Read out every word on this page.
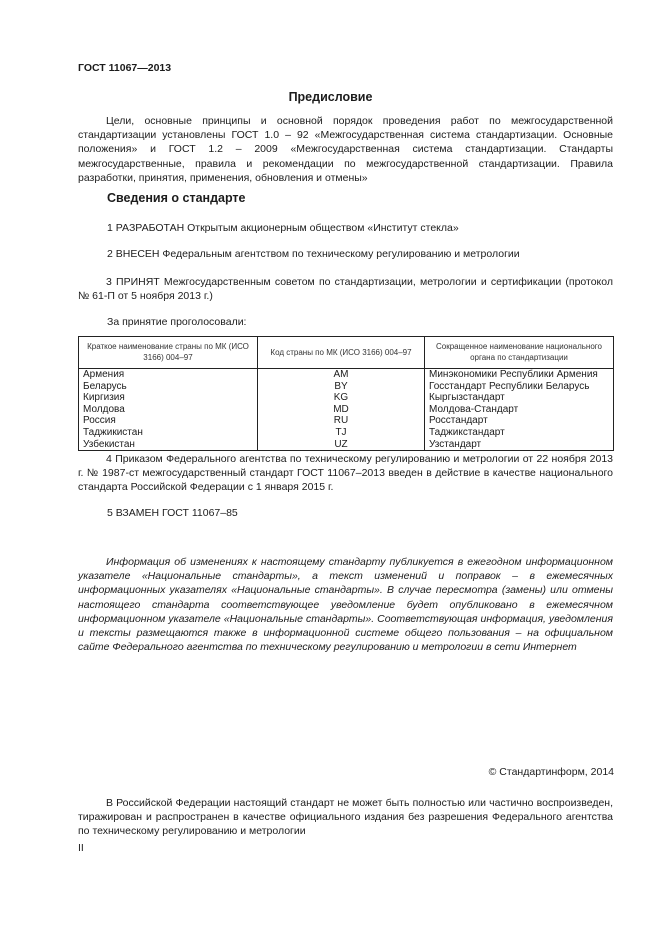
ГОСТ 11067—2013
Предисловие
Цели, основные принципы и основной порядок проведения работ по межгосударственной стандартизации установлены ГОСТ 1.0 – 92 «Межгосударственная система стандартизации. Основные положения» и ГОСТ 1.2 – 2009 «Межгосударственная система стандартизации. Стандарты межгосударственные, правила и рекомендации по межгосударственной стандартизации. Правила разработки, принятия, применения, обновления и отмены»
Сведения о стандарте
1 РАЗРАБОТАН Открытым акционерным обществом «Институт стекла»
2 ВНЕСЕН Федеральным агентством по техническому регулированию и метрологии
3 ПРИНЯТ Межгосударственным советом по стандартизации, метрологии и сертификации (протокол № 61-П от 5 ноября 2013 г.)
За принятие проголосовали:
Краткое наименование страны по МК (ИСО 3166) 004–97	Код страны по МК (ИСО 3166) 004–97	Сокращенное наименование национального органа по стандартизации
Армения	AM	Минэкономики Республики Армения
Беларусь	BY	Госстандарт Республики Беларусь
Киргизия	KG	Кыргызстандарт
Молдова	MD	Молдова-Стандарт
Россия	RU	Росстандарт
Таджикистан	TJ	Таджикстандарт
Узбекистан	UZ	Узстандарт
4 Приказом Федерального агентства по техническому регулированию и метрологии от 22 ноября 2013 г. № 1987-ст межгосударственный стандарт ГОСТ 11067–2013 введен в действие в качестве национального стандарта Российской Федерации с 1 января 2015 г.
5 ВЗАМЕН ГОСТ 11067–85
Информация об изменениях к настоящему стандарту публикуется в ежегодном информационном указателе «Национальные стандарты», а текст изменений и поправок – в ежемесячных информационных указателях «Национальные стандарты». В случае пересмотра (замены) или отмены настоящего стандарта соответствующее уведомление будет опубликовано в ежемесячном информационном указателе «Национальные стандарты». Соответствующая информация, уведомления и тексты размещаются также в информационной системе общего пользования – на официальном сайте Федерального агентства по техническому регулированию и метрологии в сети Интернет
© Стандартинформ, 2014
В Российской Федерации настоящий стандарт не может быть полностью или частично воспроизведен, тиражирован и распространен в качестве официального издания без разрешения Федерального агентства по техническому регулированию и метрологии
II
